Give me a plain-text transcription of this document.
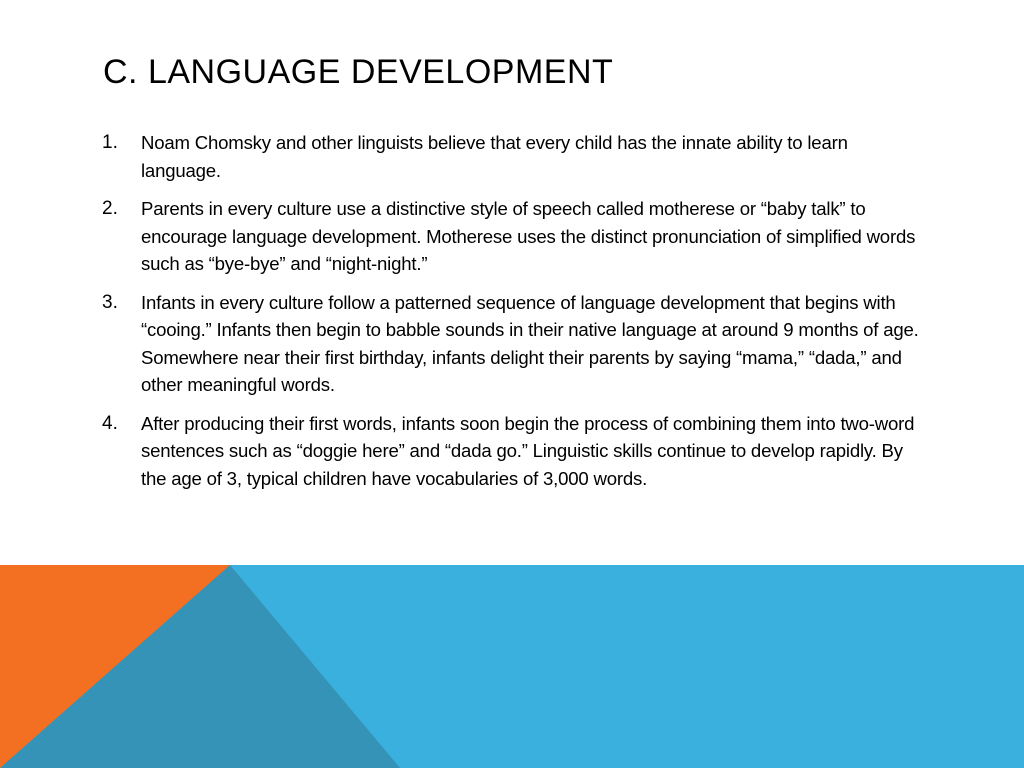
C. LANGUAGE DEVELOPMENT
1.	Noam Chomsky and other linguists believe that every child has the innate ability to learn language.
2.	Parents in every culture use a distinctive style of speech called motherese or “baby talk” to encourage language development. Motherese uses the distinct pronunciation of simplified words such as “bye-bye” and “night-night.”
3.	Infants in every culture follow a patterned sequence of language development that begins with “cooing.” Infants then begin to babble sounds in their native language at around 9 months of age. Somewhere near their first birthday, infants delight their parents by saying “mama,” “dada,” and other meaningful words.
4.	After producing their first words, infants soon begin the process of combining them into two-word sentences such as “doggie here” and “dada go.” Linguistic skills continue to develop rapidly. By the age of 3, typical children have vocabularies of 3,000 words.
